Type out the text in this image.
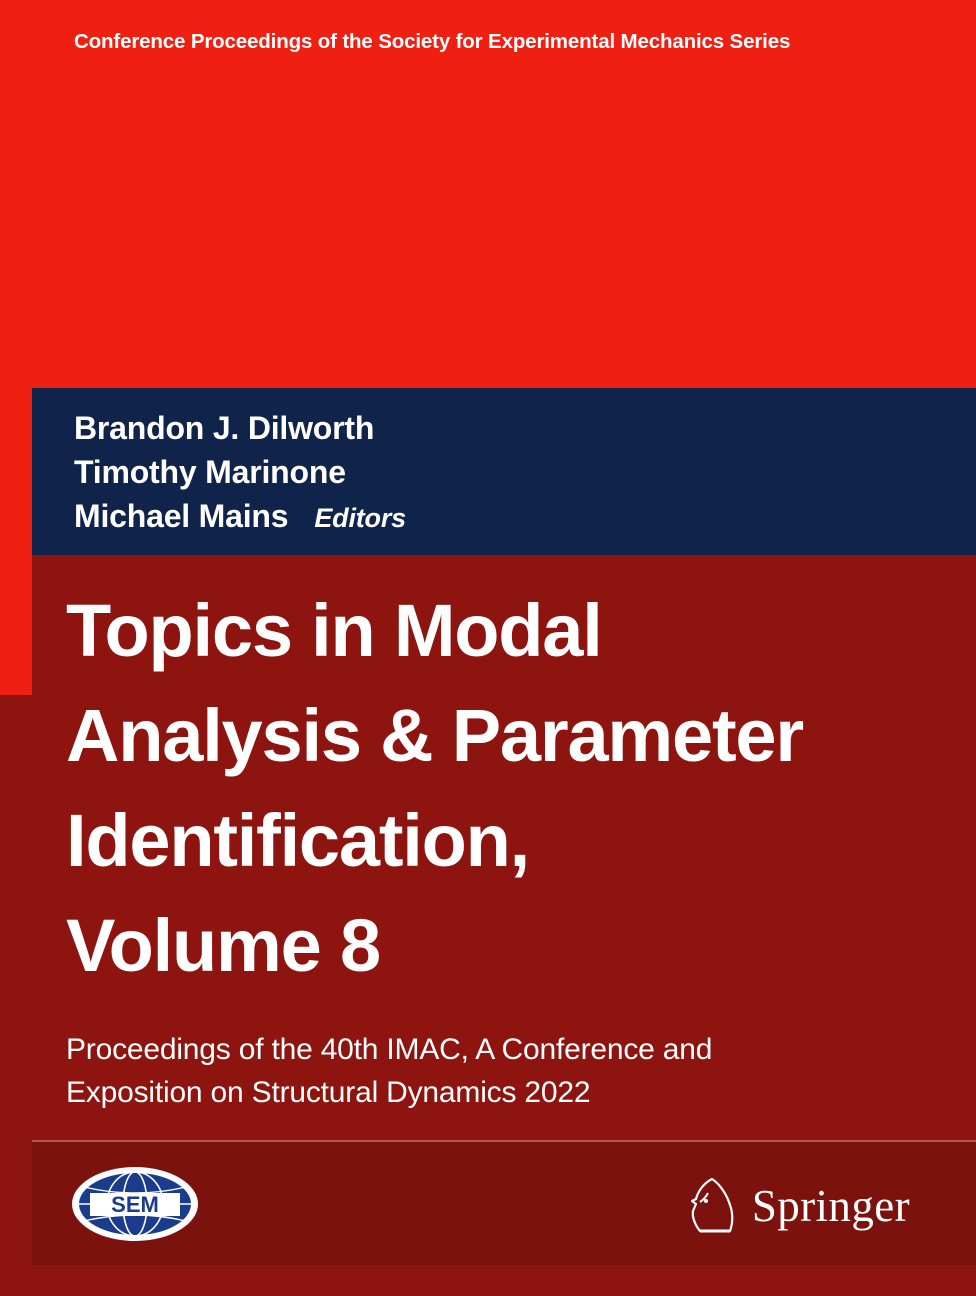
Conference Proceedings of the Society for Experimental Mechanics Series
Brandon J. Dilworth
Timothy Marinone
Michael Mains Editors
Topics in Modal
Analysis & Parameter
Identification,
Volume 8
Proceedings of the 40th IMAC, A Conference and
Exposition on Structural Dynamics 2022
SEM	Springer
